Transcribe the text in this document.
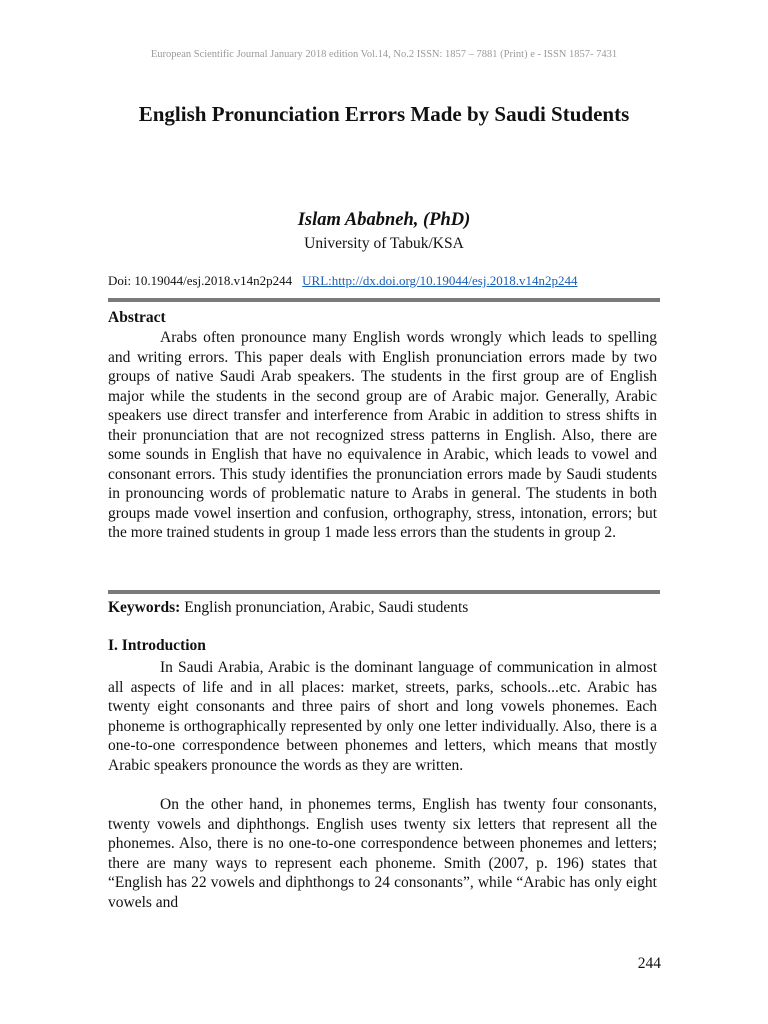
European Scientific Journal January 2018 edition Vol.14, No.2 ISSN: 1857 – 7881 (Print) e - ISSN 1857- 7431
English Pronunciation Errors Made by Saudi Students
Islam Ababneh, (PhD)
University of Tabuk/KSA
Doi: 10.19044/esj.2018.v14n2p244 URL:http://dx.doi.org/10.19044/esj.2018.v14n2p244
Abstract

Arabs often pronounce many English words wrongly which leads to spelling and writing errors. This paper deals with English pronunciation errors made by two groups of native Saudi Arab speakers. The students in the first group are of English major while the students in the second group are of Arabic major. Generally, Arabic speakers use direct transfer and interference from Arabic in addition to stress shifts in their pronunciation that are not recognized stress patterns in English. Also, there are some sounds in English that have no equivalence in Arabic, which leads to vowel and consonant errors. This study identifies the pronunciation errors made by Saudi students in pronouncing words of problematic nature to Arabs in general. The students in both groups made vowel insertion and confusion, orthography, stress, intonation, errors; but the more trained students in group 1 made less errors than the students in group 2.

Keywords: English pronunciation, Arabic, Saudi students
I. Introduction

In Saudi Arabia, Arabic is the dominant language of communication in almost all aspects of life and in all places: market, streets, parks, schools...etc. Arabic has twenty eight consonants and three pairs of short and long vowels phonemes. Each phoneme is orthographically represented by only one letter individually. Also, there is a one-to-one correspondence between phonemes and letters, which means that mostly Arabic speakers pronounce the words as they are written.

On the other hand, in phonemes terms, English has twenty four consonants, twenty vowels and diphthongs. English uses twenty six letters that represent all the phonemes. Also, there is no one-to-one correspondence between phonemes and letters; there are many ways to represent each phoneme. Smith (2007, p. 196) states that “English has 22 vowels and diphthongs to 24 consonants”, while “Arabic has only eight vowels and

244
